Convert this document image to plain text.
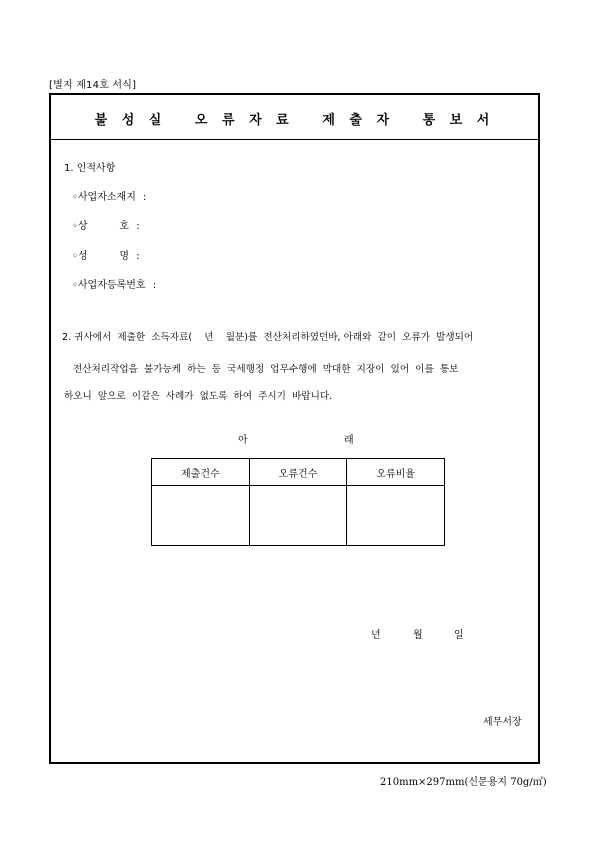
[별지 제14호 서식]
불 성 실   오 류 자 료   제 출 자   통 보 서
1. 인적사항
◦사업자소재지 :
◦상          호 :
◦성          명 :
◦사업자등록번호 :
2. 귀사에서  제출한  소득자료(    년    월분)를  전산처리하였던바, 아래와  같이  오류가  발생되어
전산처리작업을  불가능케  하는  등  국세행정  업무수행에  막대한  지장이  있어  이를  통보
하오니  앞으로  이같은  사례가  없도록  하여  주시기  바랍니다.
아	래
제출건수	오류건수	오류비율

년	월	일
세무서장
210mm×297mm(신문용지 70g/㎡)
